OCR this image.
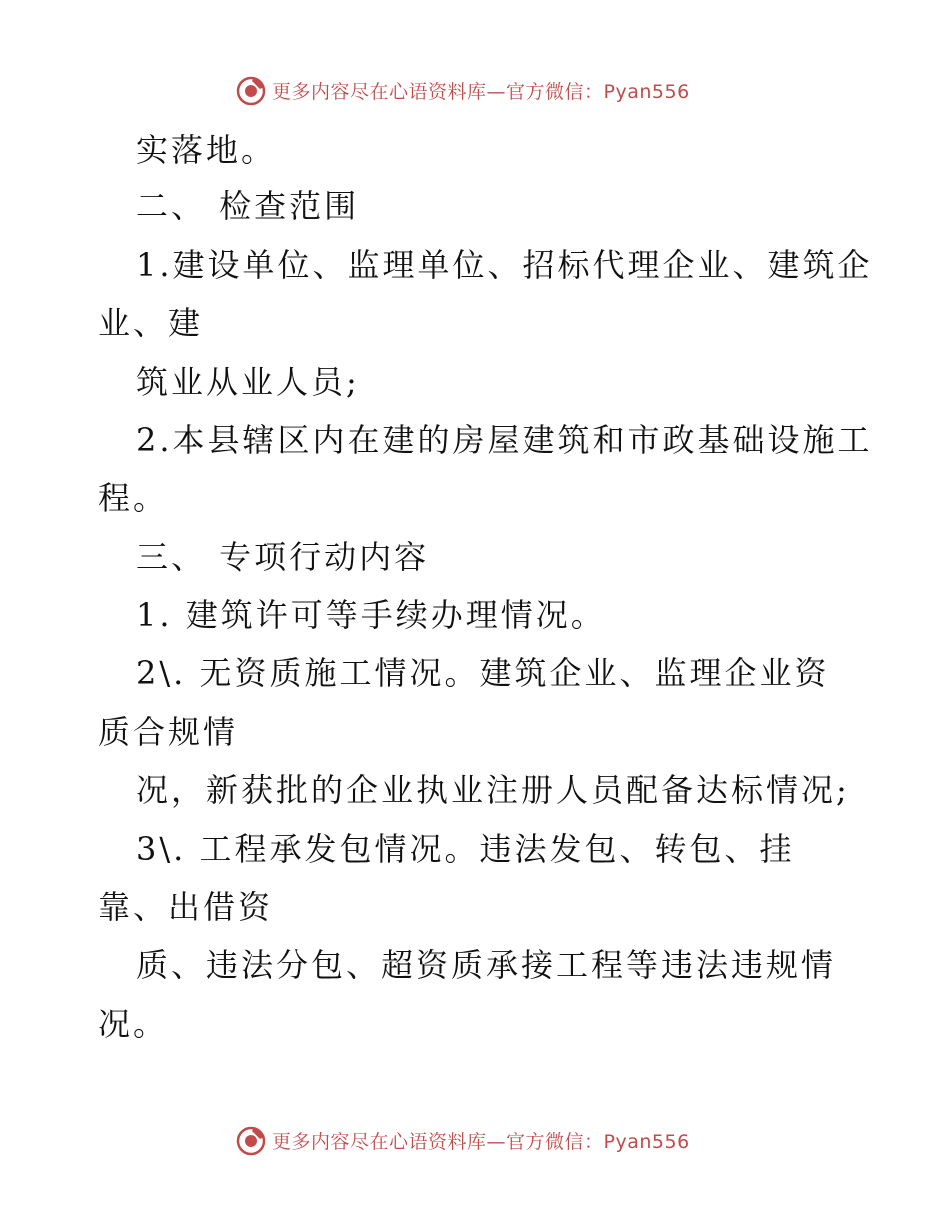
更多内容尽在心语资料库—官方微信：Pyan556
实落地。
二、 检查范围
1.建设单位、监理单位、招标代理企业、建筑企
业、建
筑业从业人员;
2.本县辖区内在建的房屋建筑和市政基础设施工
程。
三、 专项行动内容
1. 建筑许可等手续办理情况。
2\. 无资质施工情况。建筑企业、监理企业资
质合规情
况，新获批的企业执业注册人员配备达标情况;
3\. 工程承发包情况。违法发包、转包、挂
靠、出借资
质、违法分包、超资质承接工程等违法违规情
况。
更多内容尽在心语资料库—官方微信：Pyan556
